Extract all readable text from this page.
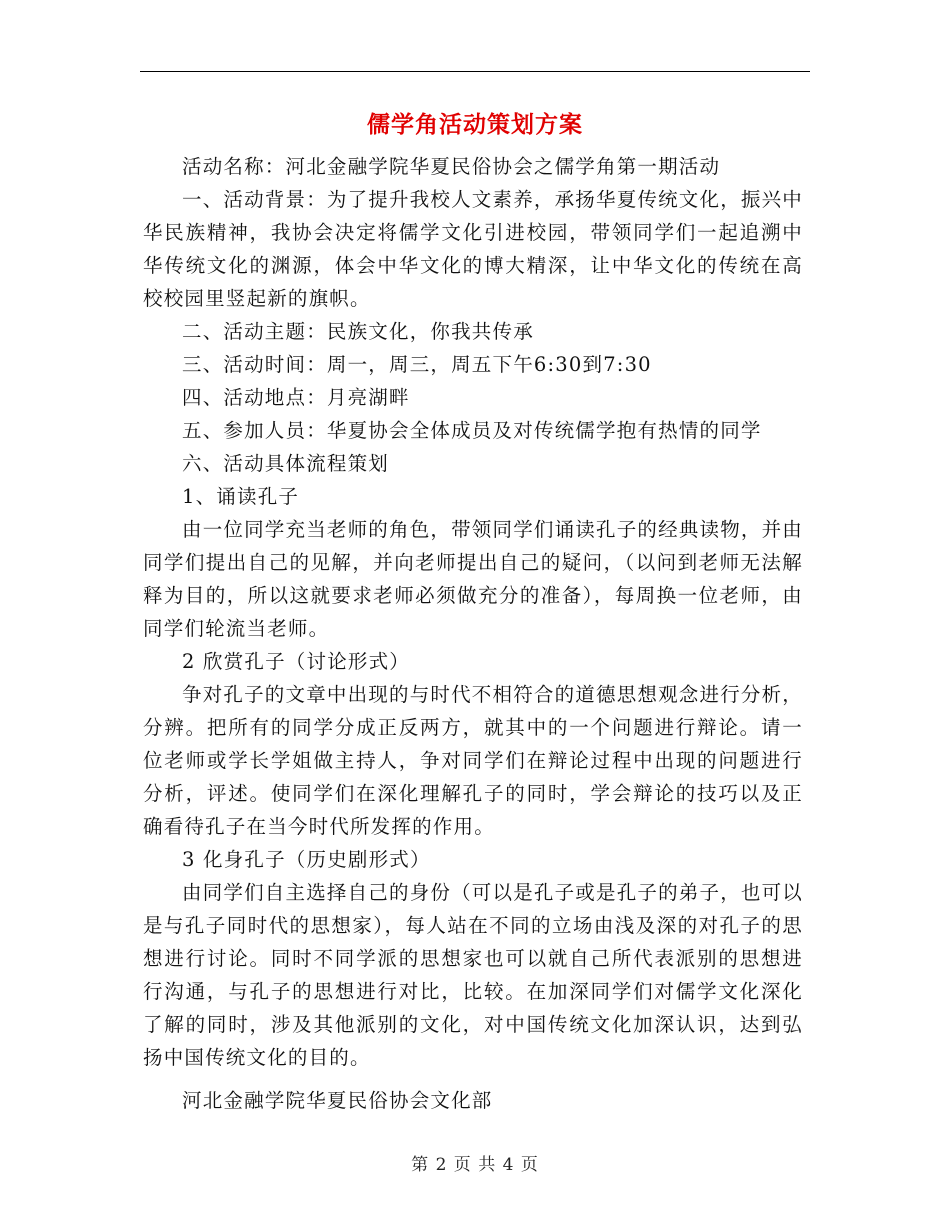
儒学角活动策划方案

活动名称：河北金融学院华夏民俗协会之儒学角第一期活动

一、活动背景：为了提升我校人文素养，承扬华夏传统文化，振兴中华民族精神，我协会决定将儒学文化引进校园，带领同学们一起追溯中华传统文化的渊源，体会中华文化的博大精深，让中华文化的传统在高校校园里竖起新的旗帜。

二、活动主题：民族文化，你我共传承

三、活动时间：周一，周三，周五下午6:30到7:30

四、活动地点：月亮湖畔

五、参加人员：华夏协会全体成员及对传统儒学抱有热情的同学

六、活动具体流程策划

1、诵读孔子

由一位同学充当老师的角色，带领同学们诵读孔子的经典读物，并由同学们提出自己的见解，并向老师提出自己的疑问，（以问到老师无法解释为目的，所以这就要求老师必须做充分的准备），每周换一位老师，由同学们轮流当老师。

2 欣赏孔子（讨论形式）

争对孔子的文章中出现的与时代不相符合的道德思想观念进行分析，分辨。把所有的同学分成正反两方，就其中的一个问题进行辩论。请一位老师或学长学姐做主持人，争对同学们在辩论过程中出现的问题进行分析，评述。使同学们在深化理解孔子的同时，学会辩论的技巧以及正确看待孔子在当今时代所发挥的作用。

3 化身孔子（历史剧形式）

由同学们自主选择自己的身份（可以是孔子或是孔子的弟子，也可以是与孔子同时代的思想家），每人站在不同的立场由浅及深的对孔子的思想进行讨论。同时不同学派的思想家也可以就自己所代表派别的思想进行沟通，与孔子的思想进行对比，比较。在加深同学们对儒学文化深化了解的同时，涉及其他派别的文化，对中国传统文化加深认识，达到弘扬中国传统文化的目的。

河北金融学院华夏民俗协会文化部

第 2 页 共 4 页
